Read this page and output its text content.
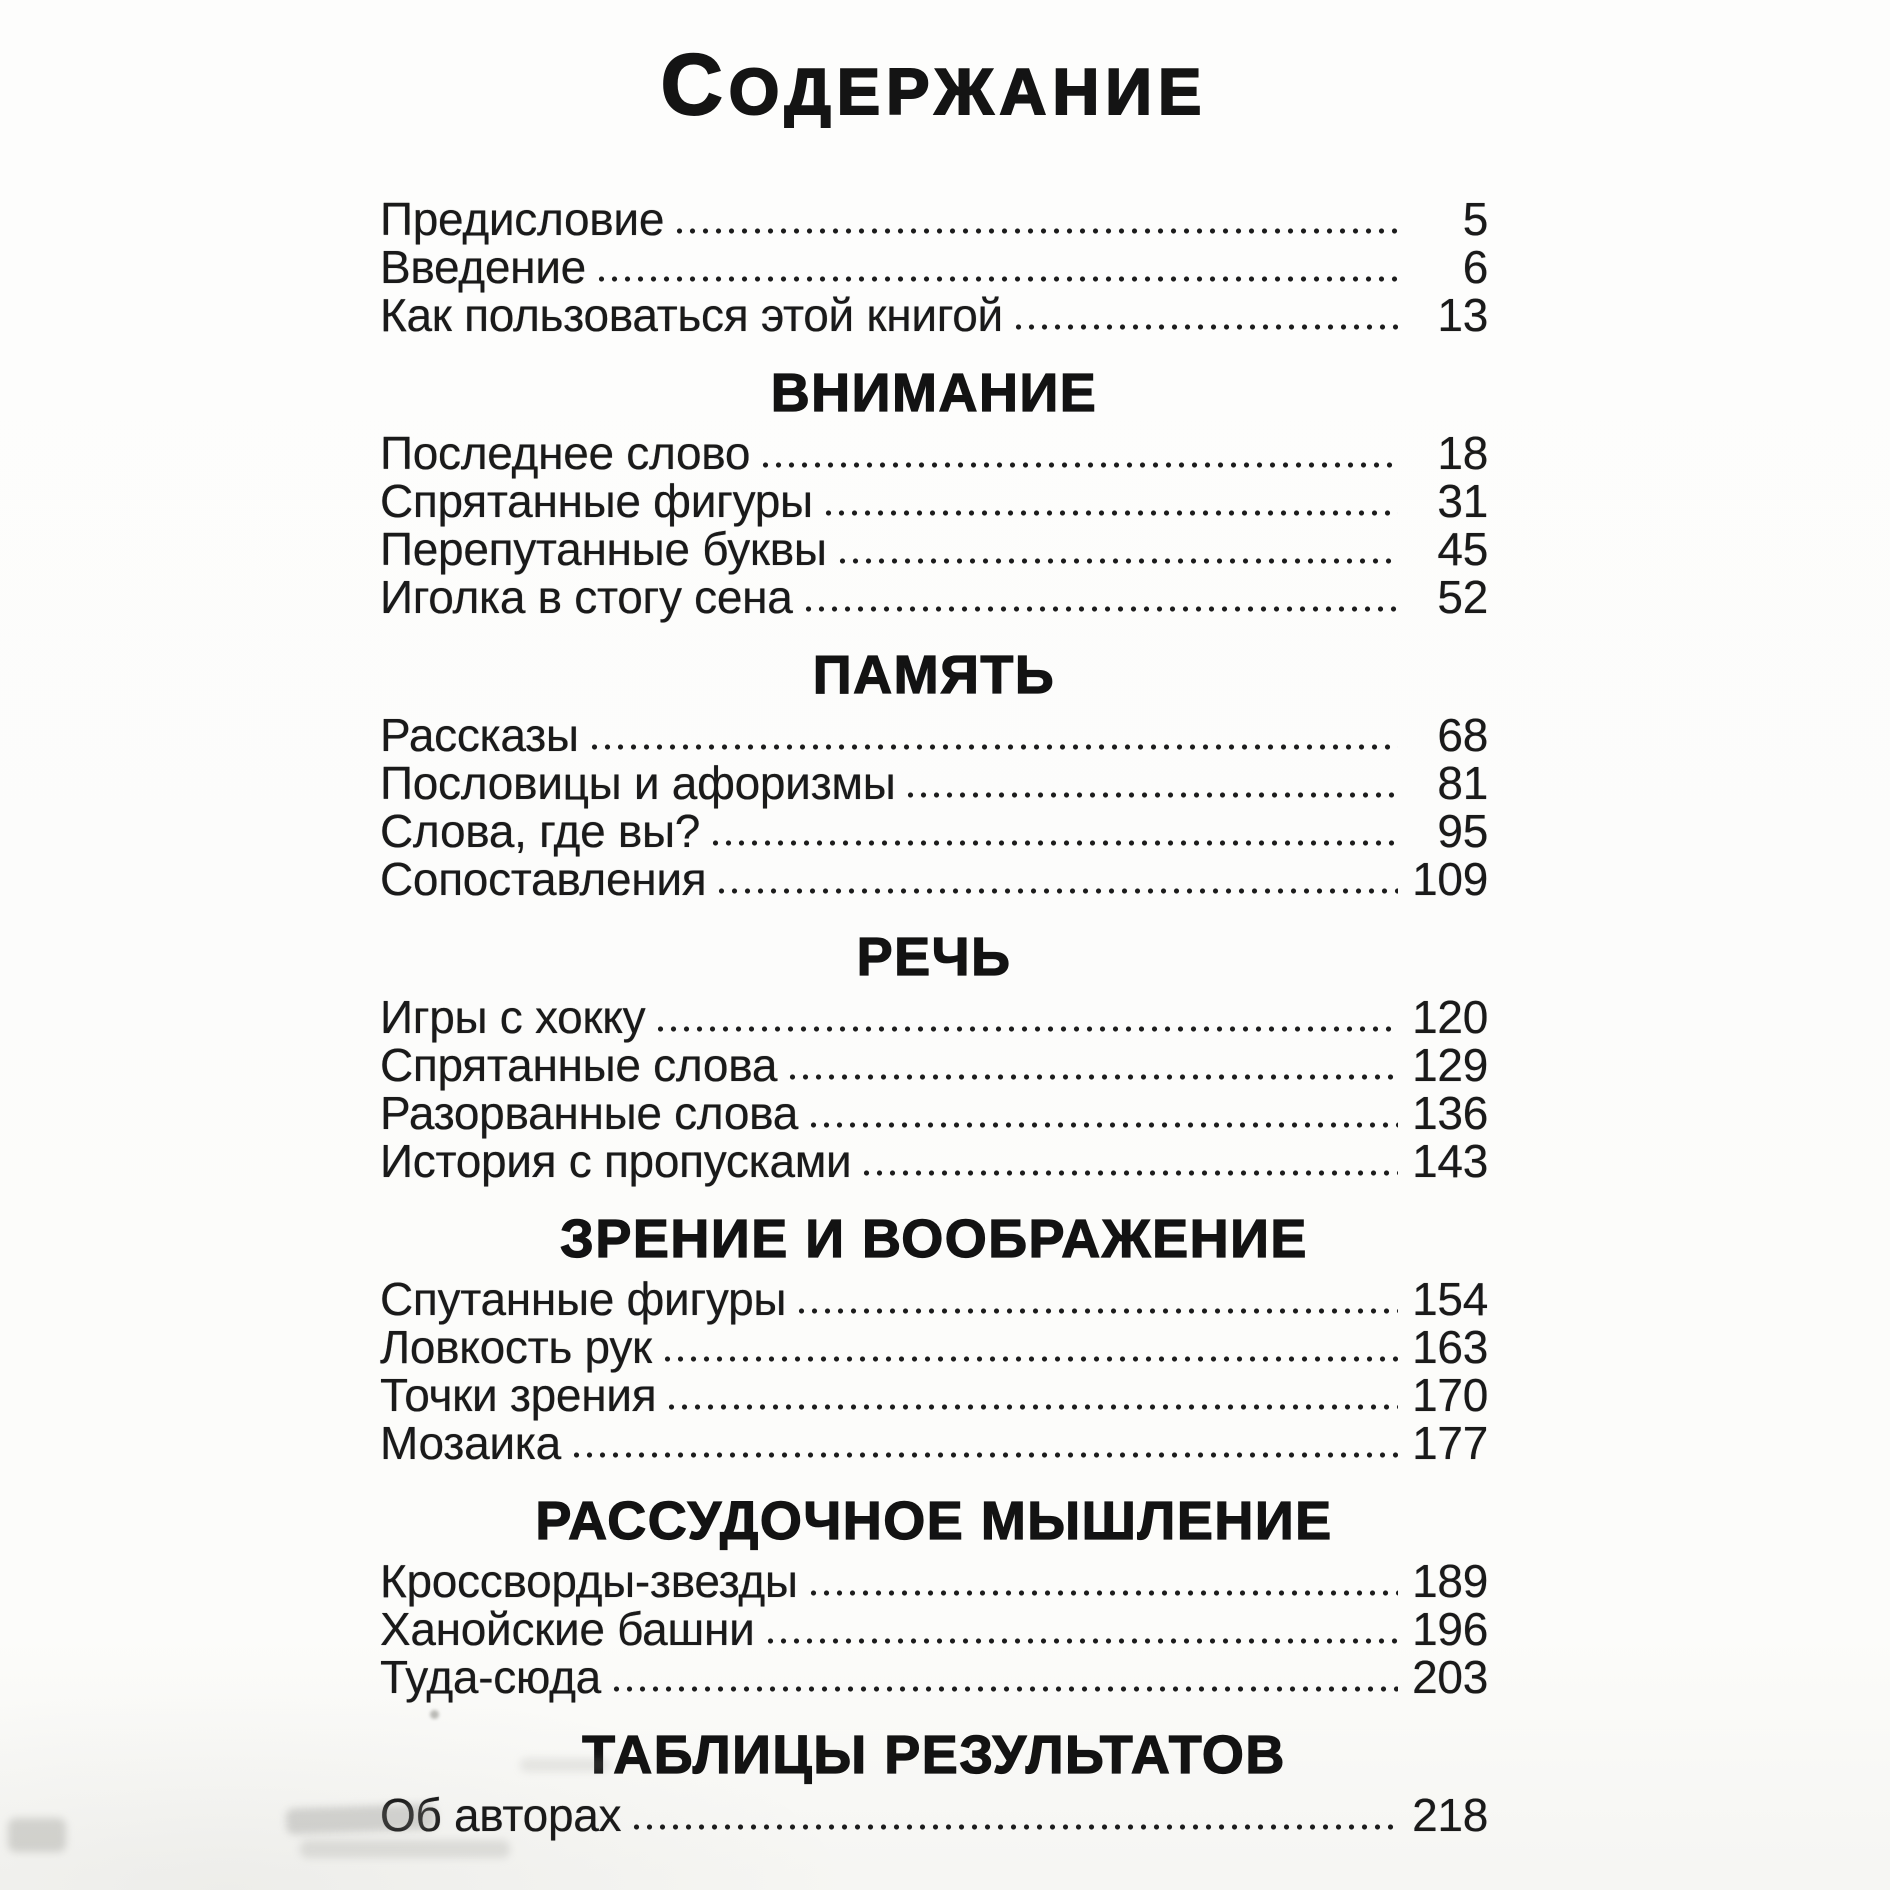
СОДЕРЖАНИЕ
Предисловие	5
Введение	6
Как пользоваться этой книгой	13
ВНИМАНИЕ
Последнее слово	18
Спрятанные фигуры	31
Перепутанные буквы	45
Иголка в стогу сена	52
ПАМЯТЬ
Рассказы	68
Пословицы и афоризмы	81
Слова, где вы?	95
Сопоставления	109
РЕЧЬ
Игры с хокку	120
Спрятанные слова	129
Разорванные слова	136
История с пропусками	143
ЗРЕНИЕ И ВООБРАЖЕНИЕ
Спутанные фигуры	154
Ловкость рук	163
Точки зрения	170
Мозаика	177
РАССУДОЧНОЕ МЫШЛЕНИЕ
Кроссворды-звезды	189
Ханойские башни	196
Туда-сюда	203
ТАБЛИЦЫ РЕЗУЛЬТАТОВ
Об авторах	218
